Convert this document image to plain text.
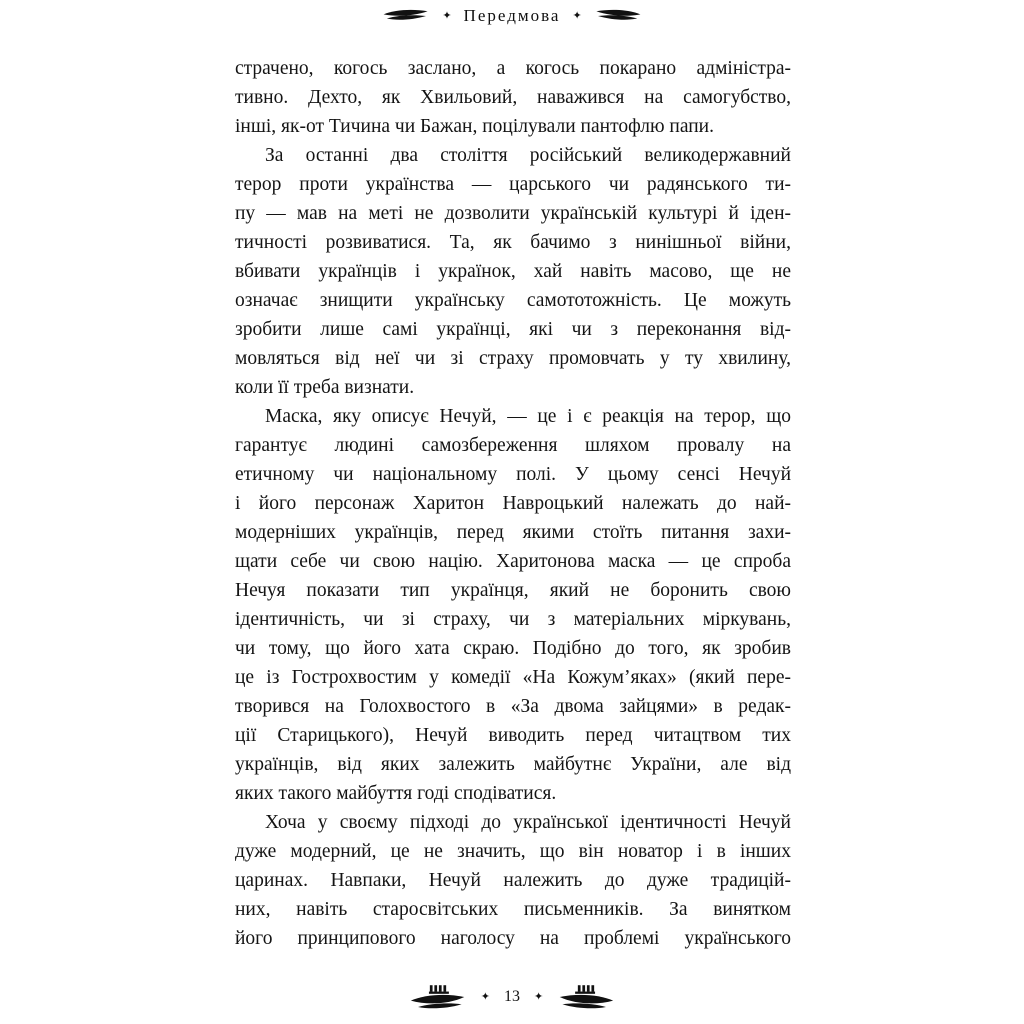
✦ Передмова ✦
страчено, когось заслано, а когось покарано адміністра-
тивно. Дехто, як Хвильовий, наважився на самогубство,
інші, як-от Тичина чи Бажан, поцілували пантофлю папи.
За останні два століття російський великодержавний
терор проти українства — царського чи радянського ти-
пу — мав на меті не дозволити українській культурі й іден-
тичності розвиватися. Та, як бачимо з нинішньої війни,
вбивати українців і українок, хай навіть масово, ще не
означає знищити українську самототожність. Це можуть
зробити лише самі українці, які чи з переконання від-
мовляться від неї чи зі страху промовчать у ту хвилину,
коли її треба визнати.
Маска, яку описує Нечуй, — це і є реакція на терор, що
гарантує людині самозбереження шляхом провалу на
етичному чи національному полі. У цьому сенсі Нечуй
і його персонаж Харитон Навроцький належать до най-
модерніших українців, перед якими стоїть питання захи-
щати себе чи свою націю. Харитонова маска — це спроба
Нечуя показати тип українця, який не боронить свою
ідентичність, чи зі страху, чи з матеріальних міркувань,
чи тому, що його хата скраю. Подібно до того, як зробив
це із Гострохвостим у комедії «На Кожум’яках» (який пере-
творився на Голохвостого в «За двома зайцями» в редак-
ції Старицького), Нечуй виводить перед читацтвом тих
українців, від яких залежить майбутнє України, але від
яких такого майбуття годі сподіватися.
Хоча у своєму підході до української ідентичності Нечуй
дуже модерний, це не значить, що він новатор і в інших
царинах. Навпаки, Нечуй належить до дуже традицій-
них, навіть старосвітських письменників. За винятком
його принципового наголосу на проблемі українського
✦ 13 ✦
